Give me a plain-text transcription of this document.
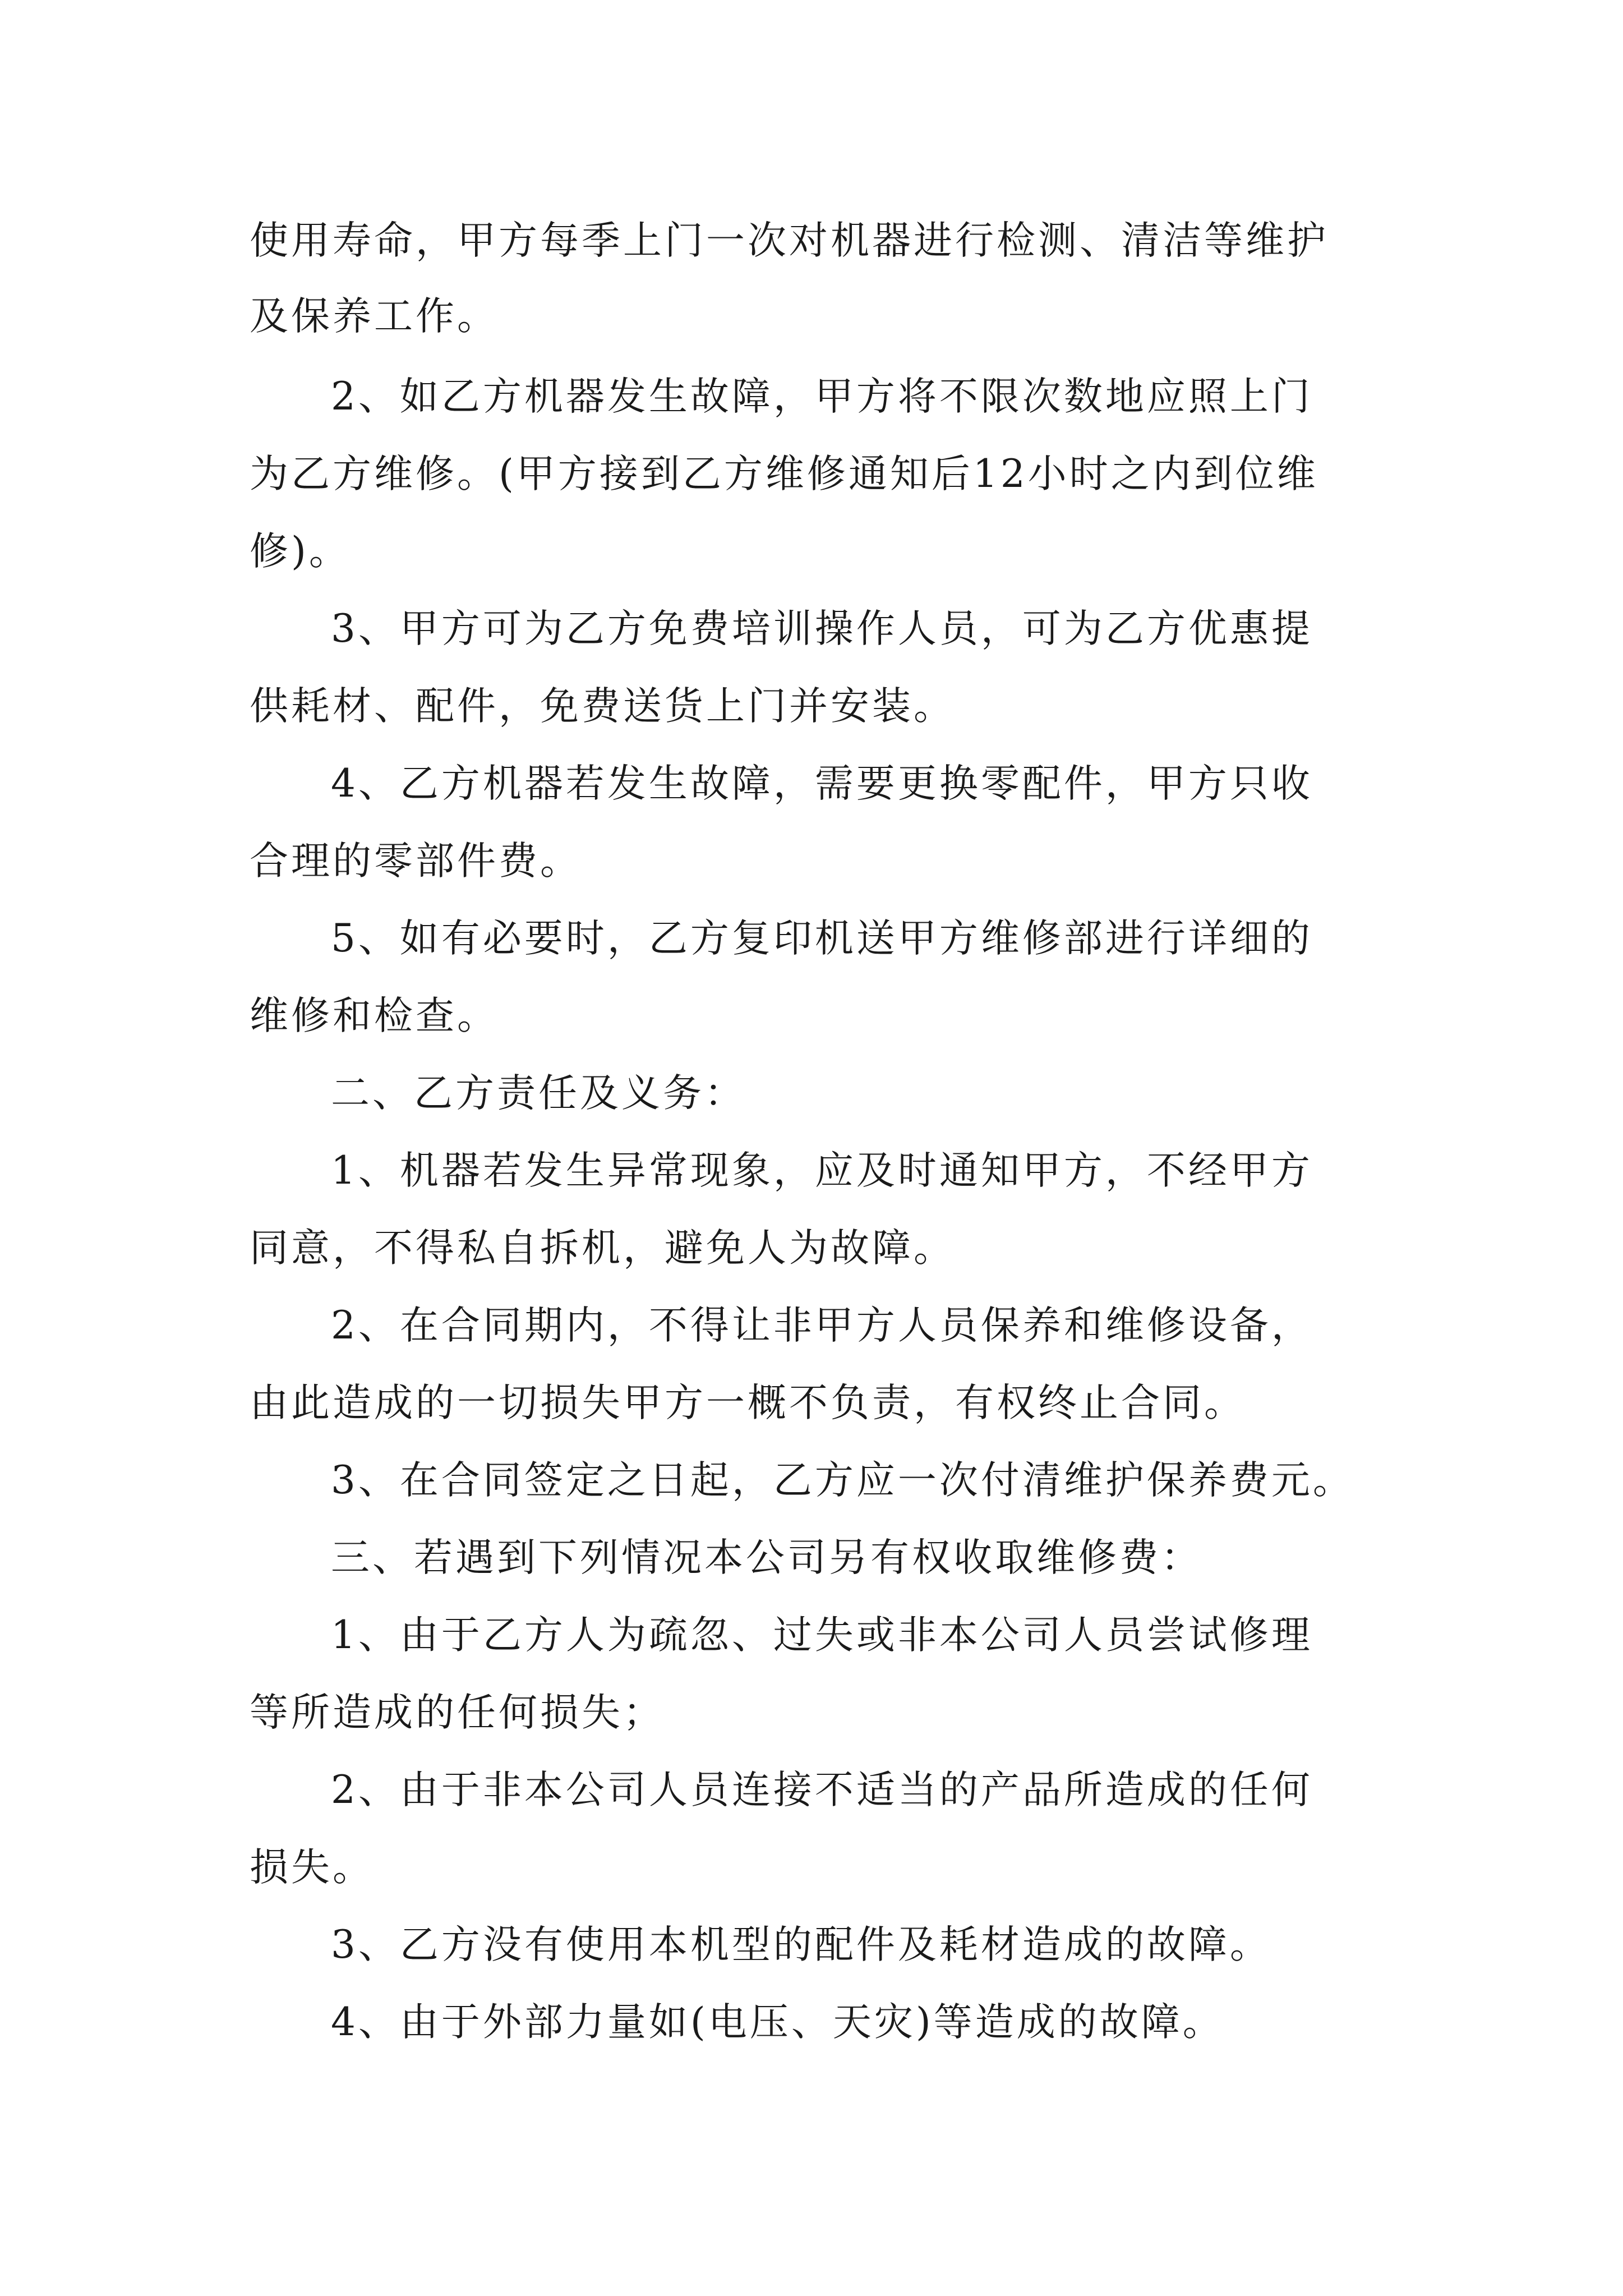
使用寿命，甲方每季上门一次对机器进行检测、清洁等维护
及保养工作。
2、如乙方机器发生故障，甲方将不限次数地应照上门
为乙方维修。(甲方接到乙方维修通知后12小时之内到位维
修)。
3、甲方可为乙方免费培训操作人员，可为乙方优惠提
供耗材、配件，免费送货上门并安装。
4、乙方机器若发生故障，需要更换零配件，甲方只收
合理的零部件费。
5、如有必要时，乙方复印机送甲方维修部进行详细的
维修和检查。
二、乙方责任及义务：
1、机器若发生异常现象，应及时通知甲方，不经甲方
同意，不得私自拆机，避免人为故障。
2、在合同期内，不得让非甲方人员保养和维修设备，
由此造成的一切损失甲方一概不负责，有权终止合同。
3、在合同签定之日起，乙方应一次付清维护保养费元。
三、若遇到下列情况本公司另有权收取维修费：
1、由于乙方人为疏忽、过失或非本公司人员尝试修理
等所造成的任何损失；
2、由于非本公司人员连接不适当的产品所造成的任何
损失。
3、乙方没有使用本机型的配件及耗材造成的故障。
4、由于外部力量如(电压、天灾)等造成的故障。
